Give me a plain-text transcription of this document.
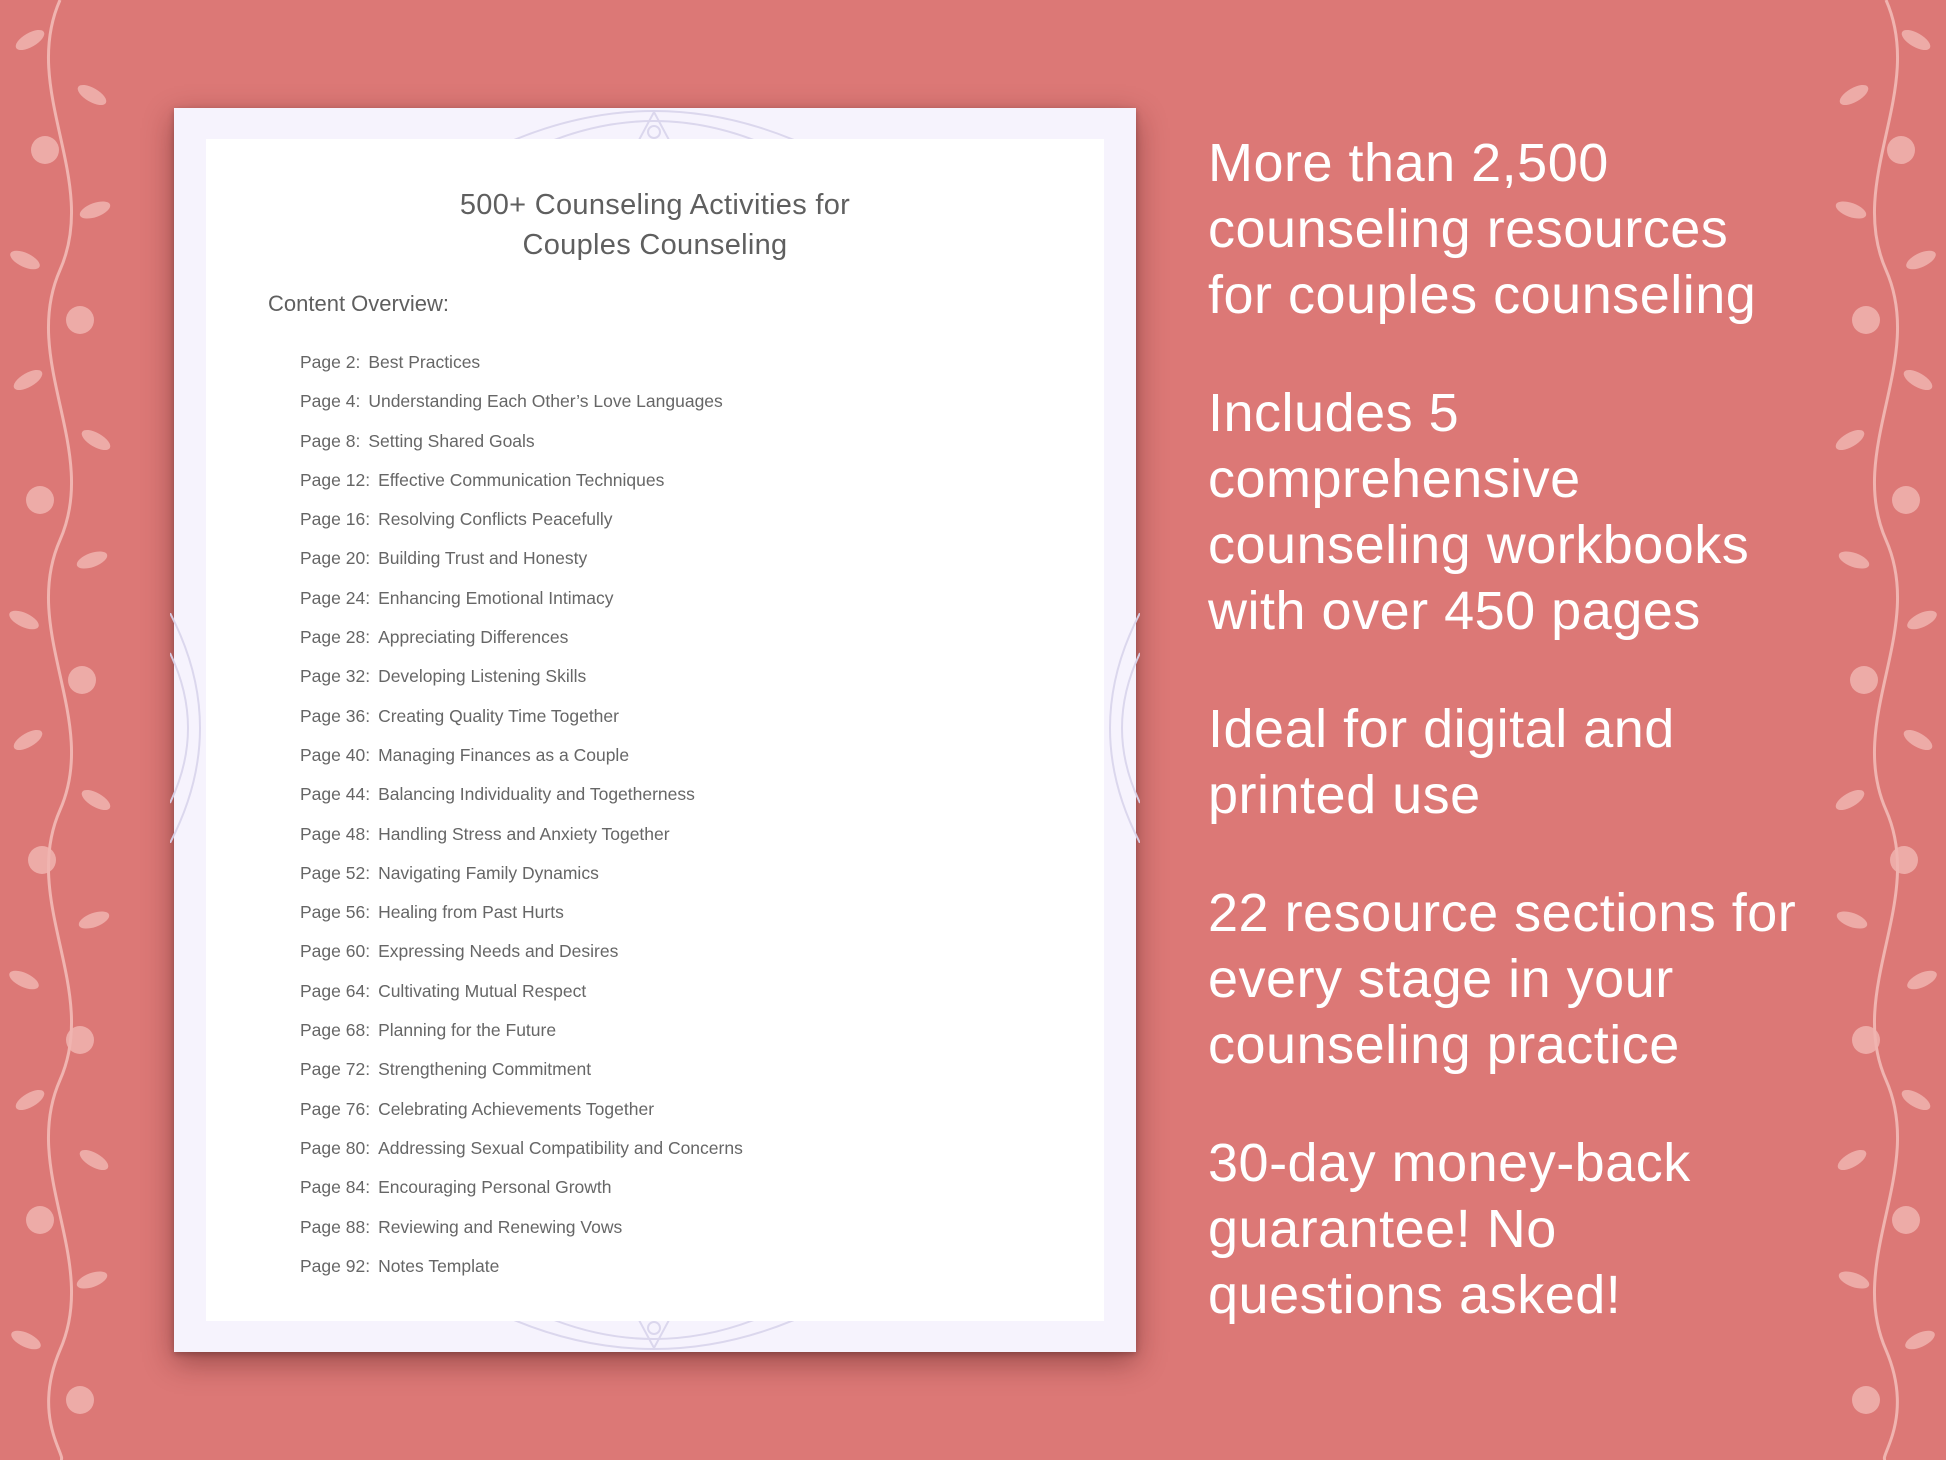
500+ Counseling Activities for
Couples Counseling
Content Overview:
Page 2: Best Practices
Page 4: Understanding Each Other’s Love Languages
Page 8: Setting Shared Goals
Page 12: Effective Communication Techniques
Page 16: Resolving Conflicts Peacefully
Page 20: Building Trust and Honesty
Page 24: Enhancing Emotional Intimacy
Page 28: Appreciating Differences
Page 32: Developing Listening Skills
Page 36: Creating Quality Time Together
Page 40: Managing Finances as a Couple
Page 44: Balancing Individuality and Togetherness
Page 48: Handling Stress and Anxiety Together
Page 52: Navigating Family Dynamics
Page 56: Healing from Past Hurts
Page 60: Expressing Needs and Desires
Page 64: Cultivating Mutual Respect
Page 68: Planning for the Future
Page 72: Strengthening Commitment
Page 76: Celebrating Achievements Together
Page 80: Addressing Sexual Compatibility and Concerns
Page 84: Encouraging Personal Growth
Page 88: Reviewing and Renewing Vows
Page 92: Notes Template
More than 2,500
counseling resources
for couples counseling
Includes 5
comprehensive
counseling workbooks
with over 450 pages
Ideal for digital and
printed use
22 resource sections for
every stage in your
counseling practice
30-day money-back
guarantee! No
questions asked!
